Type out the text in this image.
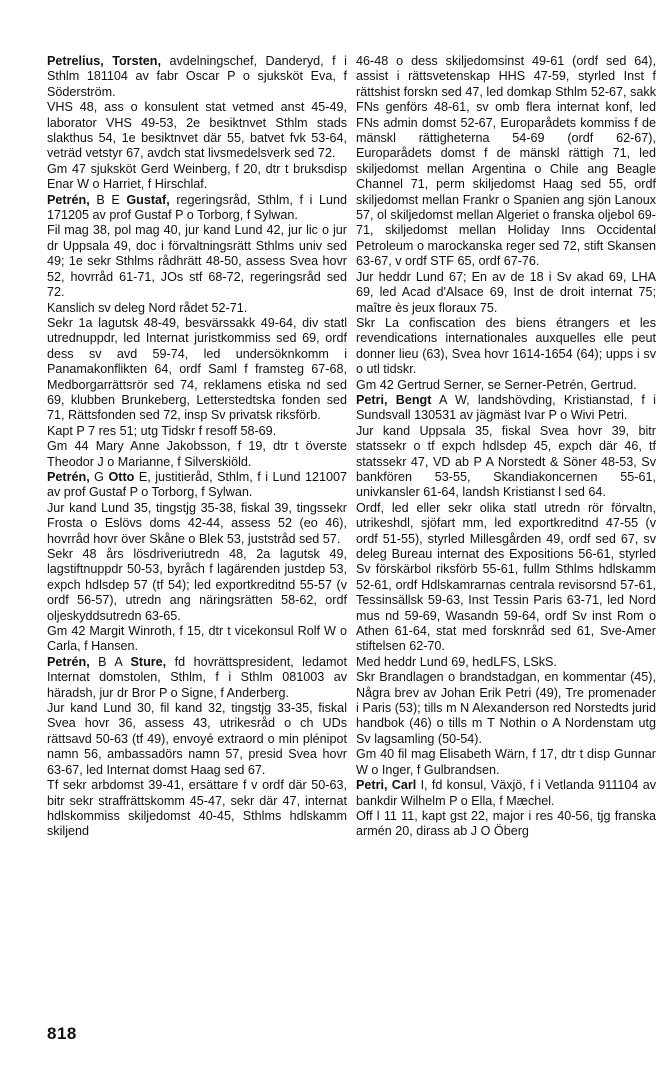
Petrelius, Torsten, avdelningschef, Danderyd, f i Sthlm 181104 av fabr Oscar P o sjuksköt Eva, f Söderström.

VHS 48, ass o konsulent stat vetmed anst 45-49, laborator VHS 49-53, 2e besiktnvet Sthlm stads slakthus 54, 1e besiktnvet där 55, batvet fvk 53-64, veträd vetstyr 67, avdch stat livsmedelsverk sed 72.

Gm 47 sjuksköt Gerd Weinberg, f 20, dtr t bruksdisp Enar W o Harriet, f Hirschlaf.

Petrén, B E Gustaf, regeringsråd, Sthlm, f i Lund 171205 av prof Gustaf P o Torborg, f Sylwan.

Fil mag 38, pol mag 40, jur kand Lund 42, jur lic o jur dr Uppsala 49, doc i förvaltningsrätt Sthlms univ sed 49; 1e sekr Sthlms rådhrätt 48-50, assess Svea hovr 52, hovrråd 61-71, JOs stf 68-72, regeringsråd sed 72.

Kanslich sv deleg Nord rådet 52-71.

Sekr 1a lagutsk 48-49, besvärssakk 49-64, div statl utrednuppdr, led Internat juristkommiss sed 69, ordf dess sv avd 59-74, led undersöknkomm i Panamakonflikten 64, ordf Saml f framsteg 67-68, Medborgarrättsrör sed 74, reklamens etiska nd sed 69, klubben Brunkeberg, Letterstedtska fonden sed 71, Rättsfonden sed 72, insp Sv privatsk riksförb.

Kapt P 7 res 51; utg Tidskr f resoff 58-69.

Gm 44 Mary Anne Jakobsson, f 19, dtr t överste Theodor J o Marianne, f Silverskiöld.

Petrén, G Otto E, justitieråd, Sthlm, f i Lund 121007 av prof Gustaf P o Torborg, f Sylwan.

Jur kand Lund 35, tingstjg 35-38, fiskal 39, tingssekr Frosta o Eslövs doms 42-44, assess 52 (eo 46), hovrråd hovr över Skåne o Blek 53, juststråd sed 57.

Sekr 48 års lösdriveriutredn 48, 2a lagutsk 49, lagstiftnuppdr 50-53, byråch f lagärenden justdep 53, expch hdlsdep 57 (tf 54); led exportkreditnd 55-57 (v ordf 56-57), utredn ang näringsrätten 58-62, ordf oljeskyddsutredn 63-65.

Gm 42 Margit Winroth, f 15, dtr t vicekonsul Rolf W o Carla, f Hansen.

Petrén, B A Sture, fd hovrättspresident, ledamot Internat domstolen, Sthlm, f i Sthlm 081003 av häradsh, jur dr Bror P o Signe, f Anderberg.

Jur kand Lund 30, fil kand 32, tingstjg 33-35, fiskal Svea hovr 36, assess 43, utrikesråd o ch UDs rättsavd 50-63 (tf 49), envoyé extraord o min plénipot namn 56, ambassadörs namn 57, presid Svea hovr 63-67, led Internat domst Haag sed 67.

Tf sekr arbdomst 39-41, ersättare f v ordf där 50-63, bitr sekr straffrättskomm 45-47, sekr där 47, internat hdlskommiss skiljedomst 40-45, Sthlms hdlskamm skiljend

46-48 o dess skiljedomsinst 49-61 (ordf sed 64), assist i rättsvetenskap HHS 47-59, styrled Inst f rättshist forskn sed 47, led domkap Sthlm 52-67, sakk FNs genförs 48-61, sv omb flera internat konf, led FNs admin domst 52-67, Europarådets kommiss f de mänskl rättigheterna 54-69 (ordf 62-67), Europarådets domst f de mänskl rättigh 71, led skiljedomst mellan Argentina o Chile ang Beagle Channel 71, perm skiljedomst Haag sed 55, ordf skiljedomst mellan Frankr o Spanien ang sjön Lanoux 57, ol skiljedomst mellan Algeriet o franska oljebol 69-71, skiljedomst mellan Holiday Inns Occidental Petroleum o marockanska reger sed 72, stift Skansen 63-67, v ordf STF 65, ordf 67-76.

Jur heddr Lund 67; En av de 18 i Sv akad 69, LHA 69, led Acad d'Alsace 69, Inst de droit internat 75; maître ès jeux floraux 75.

Skr La confiscation des biens étrangers et les revendications internationales auxquelles elle peut donner lieu (63), Svea hovr 1614-1654 (64); upps i sv o utl tidskr.

Gm 42 Gertrud Serner, se Serner-Petrén, Gertrud.

Petri, Bengt A W, landshövding, Kristianstad, f i Sundsvall 130531 av jägmäst Ivar P o Wivi Petri.

Jur kand Uppsala 35, fiskal Svea hovr 39, bitr statssekr o tf expch hdlsdep 45, expch där 46, tf statssekr 47, VD ab P A Norstedt & Söner 48-53, Sv bankfören 53-55, Skandiakoncernen 55-61, univkansler 61-64, landsh Kristianst l sed 64.

Ordf, led eller sekr olika statl utredn rör förvaltn, utrikeshdl, sjöfart mm, led exportkreditnd 47-55 (v ordf 51-55), styrled Millesgården 49, ordf sed 67, sv deleg Bureau internat des Expositions 56-61, styrled Sv förskärbol riksförb 55-61, fullm Sthlms hdlskamm 52-61, ordf Hdlskamrarnas centrala revisorsnd 57-61, Tessinsällsk 59-63, Inst Tessin Paris 63-71, led Nord mus nd 59-69, Wasandn 59-64, ordf Sv inst Rom o Athen 61-64, stat med forsknråd sed 61, Sve-Amer stiftelsen 62-70.

Med heddr Lund 69, hedLFS, LSkS.

Skr Brandlagen o brandstadgan, en kommentar (45), Några brev av Johan Erik Petri (49), Tre promenader i Paris (53); tills m N Alexanderson red Norstedts jurid handbok (46) o tills m T Nothin o A Nordenstam utg Sv lagsamling (50-54).

Gm 40 fil mag Elisabeth Wärn, f 17, dtr t disp Gunnar W o Inger, f Gulbrandsen.

Petri, Carl I, fd konsul, Växjö, f i Vetlanda 911104 av bankdir Wilhelm P o Ella, f Mæchel.

Off l 11 11, kapt gst 22, major i res 40-56, tjg franska armén 20, dirass ab J O Öberg

818
